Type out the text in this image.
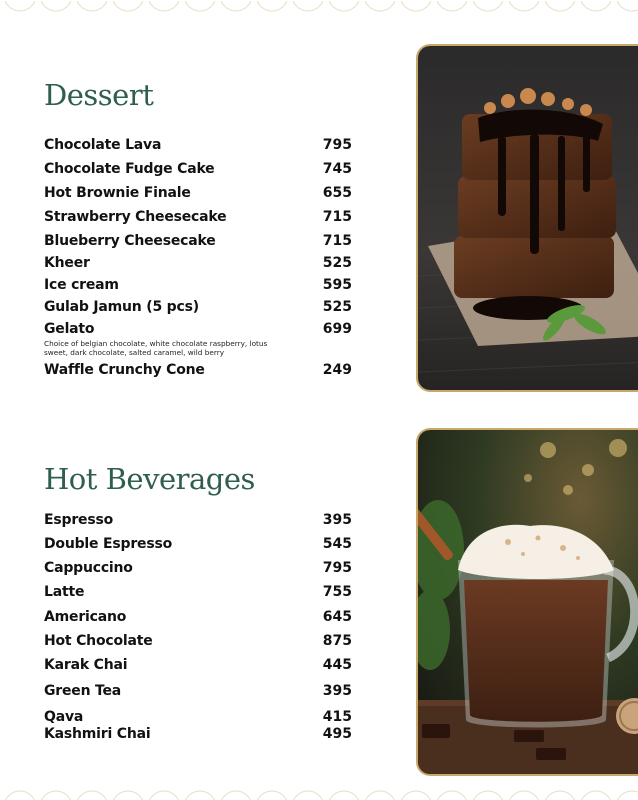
Dessert
Chocolate Lava	795
Chocolate Fudge Cake	745
Hot Brownie Finale	655
Strawberry Cheesecake	715
Blueberry Cheesecake	715
Kheer	525
Ice cream	595
Gulab Jamun (5 pcs)	525
Gelato	699
Choice of belgian chocolate, white chocolate raspberry, lotus sweet, dark chocolate, salted caramel, wild berry
Waffle Crunchy Cone	249
Hot Beverages
Espresso	395
Double Espresso	545
Cappuccino	795
Latte	755
Americano	645
Hot Chocolate	875
Karak Chai	445
Green Tea	395
Qava	415
Kashmiri Chai	495
